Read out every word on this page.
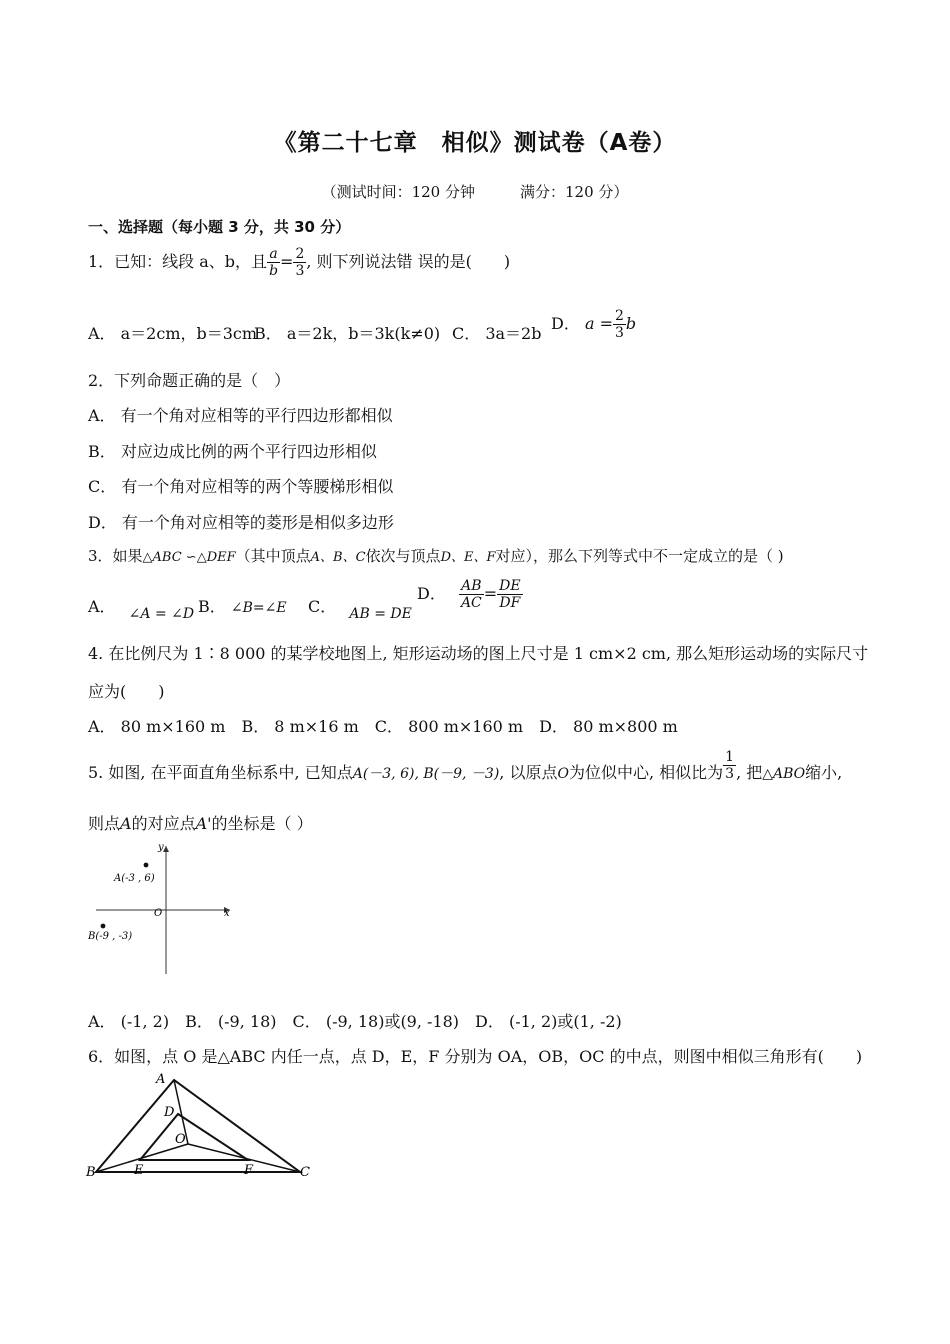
《第二十七章　相似》测试卷（A卷）
（测试时间：120 分钟　　　满分：120 分）
一、选择题（每小题 3 分，共 30 分）
1．已知：线段 a、b，且 $\frac{a}{b} = \frac{2}{3}$ , 则下列说法错 误的是(　　)
A． a＝2cm，b＝3cm
B． a＝2k，b＝3k(k≠0) C． 3a＝2b
D． $a = \frac{2}{3}$ b
2．下列命题正确的是（　）
A． 有一个角对应相等的平行四边形都相似
B． 对应边成比例的两个平行四边形相似
C． 有一个角对应相等的两个等腰梯形相似
D． 有一个角对应相等的菱形是相似多边形
3．如果△ABC ∽△DEF（其中顶点A、B、C依次与顶点D、E、F对应），那么下列等式中不一定成立的是（ )
A． ∠A = ∠D B． ∠B=∠E C． AB = DE
D． $\frac{AB}{AC} = \frac{DE}{DF}$
4. 在比例尺为 1∶8 000 的某学校地图上, 矩形运动场的图上尺寸是 1 cm×2 cm, 那么矩形运动场的实际尺寸
应为(　　)
A． 80 m×160 m　B． 8 m×16 m　C． 800 m×160 m　D． 80 m×800 m
5. 如图, 在平面直角坐标系中, 已知点A(－3, 6), B(－9, －3), 以原点O为位似中心, 相似比为 $\frac{1}{3}$ , 把△ABO缩小,
则点A的对应点A'的坐标是（ ）
A(-3 , 6)
B(-9 , -3)
O	x
y
A． (-1, 2)　B． (-9, 18)　C． (-9, 18)或(9, -18)　D． (-1, 2)或(1, -2)
6．如图，点 O 是△ABC 内任一点，点 D，E，F 分别为 OA，OB，OC 的中点，则图中相似三角形有(　　)
A
B	C
D
E	F
O
